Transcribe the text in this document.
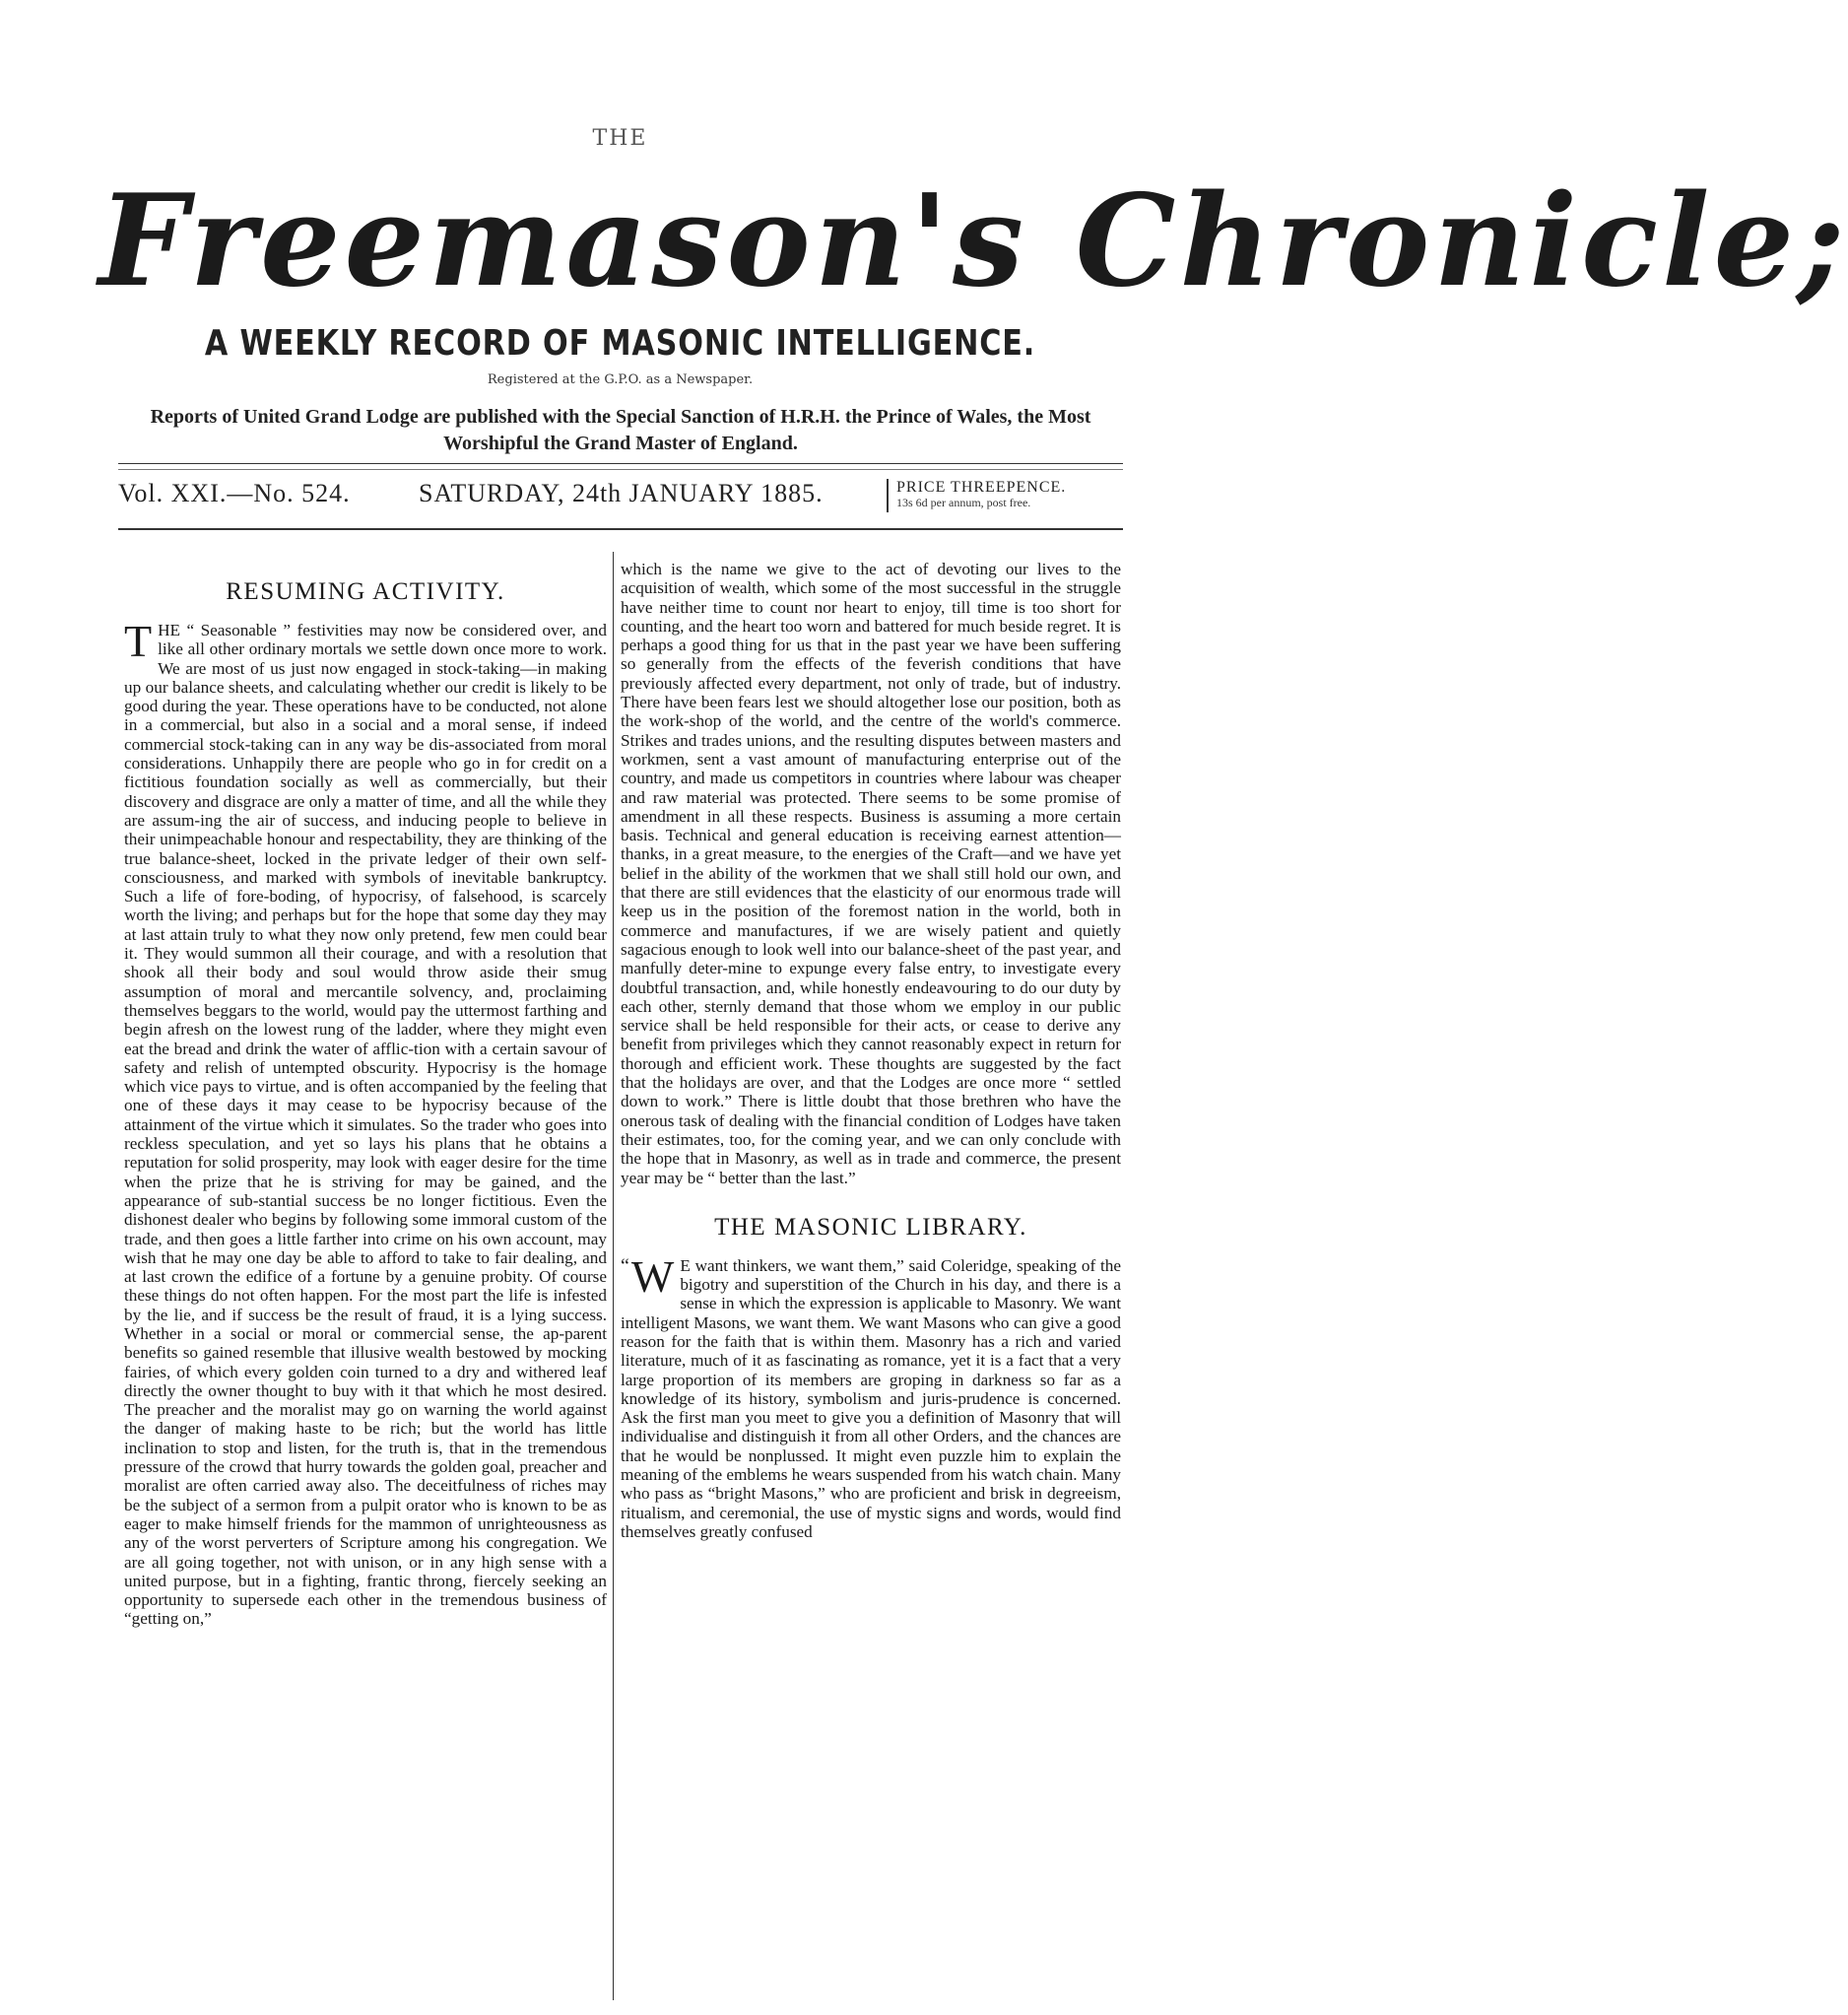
THE
Freemason's Chronicle;
A WEEKLY RECORD OF MASONIC INTELLIGENCE.
Registered at the G.P.O. as a Newspaper.
Reports of United Grand Lodge are published with the Special Sanction of H.R.H. the Prince of Wales, the Most Worshipful the Grand Master of England.
Vol. XXI.—No. 524.	SATURDAY, 24th JANUARY 1885.	PRICE THREEPENCE.
13s 6d per annum, post free.
RESUMING ACTIVITY.

THE “ Seasonable ” festivities may now be considered over, and like all other ordinary mortals we settle down once more to work. We are most of us just now engaged in stock-taking—in making up our balance sheets, and calculating whether our credit is likely to be good during the year. These operations have to be conducted, not alone in a commercial, but also in a social and a moral sense, if indeed commercial stock-taking can in any way be dis-associated from moral considerations. Unhappily there are people who go in for credit on a fictitious foundation socially as well as commercially, but their discovery and disgrace are only a matter of time, and all the while they are assum-ing the air of success, and inducing people to believe in their unimpeachable honour and respectability, they are thinking of the true balance-sheet, locked in the private ledger of their own self-consciousness, and marked with symbols of inevitable bankruptcy. Such a life of fore-boding, of hypocrisy, of falsehood, is scarcely worth the living; and perhaps but for the hope that some day they may at last attain truly to what they now only pretend, few men could bear it. They would summon all their courage, and with a resolution that shook all their body and soul would throw aside their smug assumption of moral and mercantile solvency, and, proclaiming themselves beggars to the world, would pay the uttermost farthing and begin afresh on the lowest rung of the ladder, where they might even eat the bread and drink the water of afflic-tion with a certain savour of safety and relish of untempted obscurity. Hypocrisy is the homage which vice pays to virtue, and is often accompanied by the feeling that one of these days it may cease to be hypocrisy because of the attainment of the virtue which it simulates. So the trader who goes into reckless speculation, and yet so lays his plans that he obtains a reputation for solid prosperity, may look with eager desire for the time when the prize that he is striving for may be gained, and the appearance of sub-stantial success be no longer fictitious. Even the dishonest dealer who begins by following some immoral custom of the trade, and then goes a little farther into crime on his own account, may wish that he may one day be able to afford to take to fair dealing, and at last crown the edifice of a fortune by a genuine probity. Of course these things do not often happen. For the most part the life is infested by the lie, and if success be the result of fraud, it is a lying success. Whether in a social or moral or commercial sense, the ap-parent benefits so gained resemble that illusive wealth bestowed by mocking fairies, of which every golden coin turned to a dry and withered leaf directly the owner thought to buy with it that which he most desired. The preacher and the moralist may go on warning the world against the danger of making haste to be rich; but the world has little inclination to stop and listen, for the truth is, that in the tremendous pressure of the crowd that hurry towards the golden goal, preacher and moralist are often carried away also. The deceitfulness of riches may be the subject of a sermon from a pulpit orator who is known to be as eager to make himself friends for the mammon of unrighteousness as any of the worst perverters of Scripture among his congregation. We are all going together, not with unison, or in any high sense with a united purpose, but in a fighting, frantic throng, fiercely seeking an opportunity to supersede each other in the tremendous business of “getting on,”

which is the name we give to the act of devoting our lives to the acquisition of wealth, which some of the most successful in the struggle have neither time to count nor heart to enjoy, till time is too short for counting, and the heart too worn and battered for much beside regret. It is perhaps a good thing for us that in the past year we have been suffering so generally from the effects of the feverish conditions that have previously affected every department, not only of trade, but of industry. There have been fears lest we should altogether lose our position, both as the work-shop of the world, and the centre of the world's commerce. Strikes and trades unions, and the resulting disputes between masters and workmen, sent a vast amount of manufacturing enterprise out of the country, and made us competitors in countries where labour was cheaper and raw material was protected. There seems to be some promise of amendment in all these respects. Business is assuming a more certain basis. Technical and general education is receiving earnest attention—thanks, in a great measure, to the energies of the Craft—and we have yet belief in the ability of the workmen that we shall still hold our own, and that there are still evidences that the elasticity of our enormous trade will keep us in the position of the foremost nation in the world, both in commerce and manufactures, if we are wisely patient and quietly sagacious enough to look well into our balance-sheet of the past year, and manfully deter-mine to expunge every false entry, to investigate every doubtful transaction, and, while honestly endeavouring to do our duty by each other, sternly demand that those whom we employ in our public service shall be held responsible for their acts, or cease to derive any benefit from privileges which they cannot reasonably expect in return for thorough and efficient work. These thoughts are suggested by the fact that the holidays are over, and that the Lodges are once more “ settled down to work.” There is little doubt that those brethren who have the onerous task of dealing with the financial condition of Lodges have taken their estimates, too, for the coming year, and we can only conclude with the hope that in Masonry, as well as in trade and commerce, the present year may be “ better than the last.”

THE MASONIC LIBRARY.

“ W E want thinkers, we want them,” said Coleridge, speaking of the bigotry and superstition of the Church in his day, and there is a sense in which the expression is applicable to Masonry. We want intelligent Masons, we want them. We want Masons who can give a good reason for the faith that is within them. Masonry has a rich and varied literature, much of it as fascinating as romance, yet it is a fact that a very large proportion of its members are groping in darkness so far as a knowledge of its history, symbolism and juris-prudence is concerned. Ask the first man you meet to give you a definition of Masonry that will individualise and distinguish it from all other Orders, and the chances are that he would be nonplussed. It might even puzzle him to explain the meaning of the emblems he wears suspended from his watch chain. Many who pass as “bright Masons,” who are proficient and brisk in degreeism, ritualism, and ceremonial, the use of mystic signs and words, would find themselves greatly confused
